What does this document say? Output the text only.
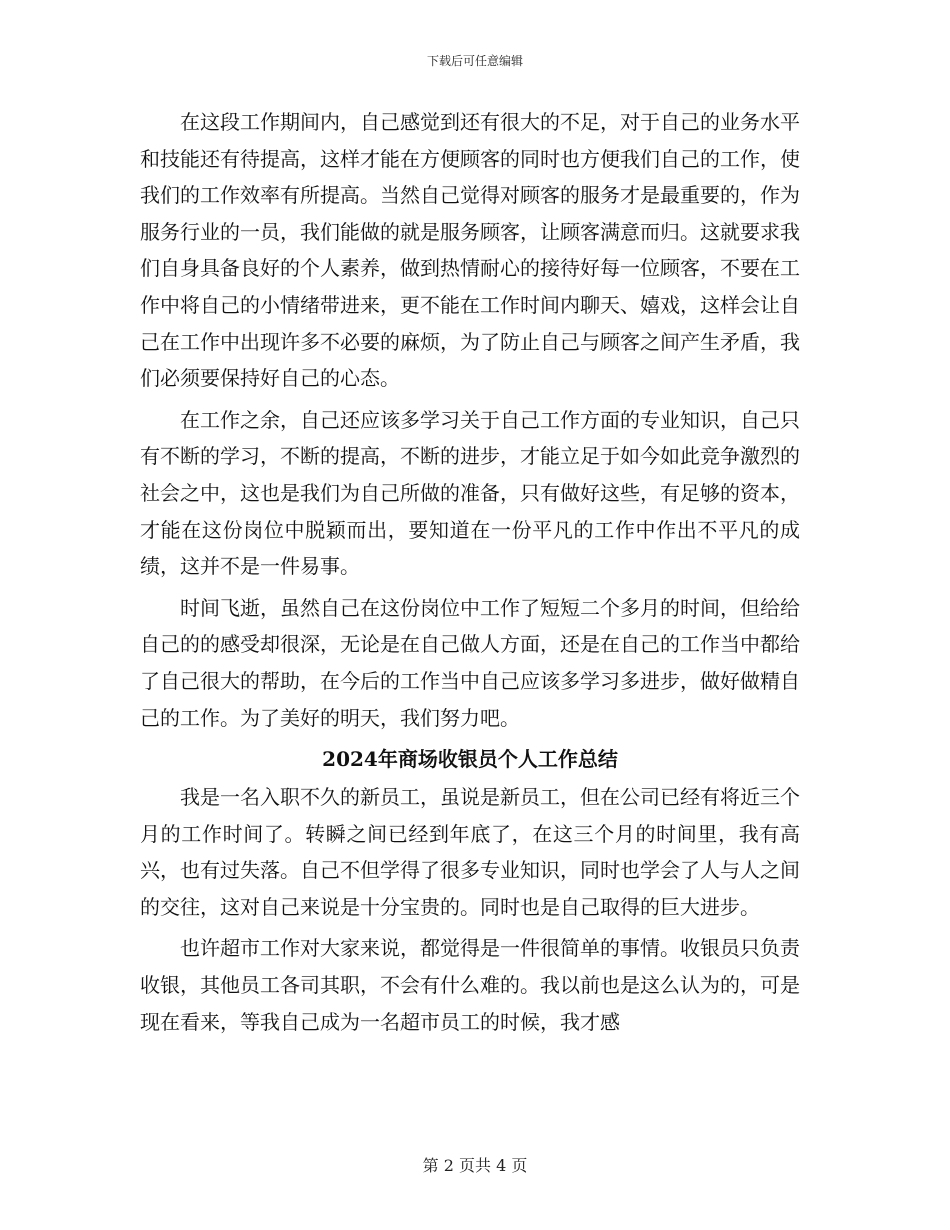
下载后可任意编辑

在这段工作期间内，自己感觉到还有很大的不足，对于自己的业务水平和技能还有待提高，这样才能在方便顾客的同时也方便我们自己的工作，使我们的工作效率有所提高。当然自己觉得对顾客的服务才是最重要的，作为服务行业的一员，我们能做的就是服务顾客，让顾客满意而归。这就要求我们自身具备良好的个人素养，做到热情耐心的接待好每一位顾客，不要在工作中将自己的小情绪带进来，更不能在工作时间内聊天、嬉戏，这样会让自己在工作中出现许多不必要的麻烦，为了防止自己与顾客之间产生矛盾，我们必须要保持好自己的心态。

在工作之余，自己还应该多学习关于自己工作方面的专业知识，自己只有不断的学习，不断的提高，不断的进步，才能立足于如今如此竞争激烈的社会之中，这也是我们为自己所做的准备，只有做好这些，有足够的资本，才能在这份岗位中脱颖而出，要知道在一份平凡的工作中作出不平凡的成绩，这并不是一件易事。

时间飞逝，虽然自己在这份岗位中工作了短短二个多月的时间，但给给自己的的感受却很深，无论是在自己做人方面，还是在自己的工作当中都给了自己很大的帮助，在今后的工作当中自己应该多学习多进步，做好做精自己的工作。为了美好的明天，我们努力吧。

2024年商场收银员个人工作总结

我是一名入职不久的新员工，虽说是新员工，但在公司已经有将近三个月的工作时间了。转瞬之间已经到年底了，在这三个月的时间里，我有高兴，也有过失落。自己不但学得了很多专业知识，同时也学会了人与人之间的交往，这对自己来说是十分宝贵的。同时也是自己取得的巨大进步。

也许超市工作对大家来说，都觉得是一件很简单的事情。收银员只负责收银，其他员工各司其职，不会有什么难的。我以前也是这么认为的，可是现在看来，等我自己成为一名超市员工的时候，我才感

第 2 页共 4 页
